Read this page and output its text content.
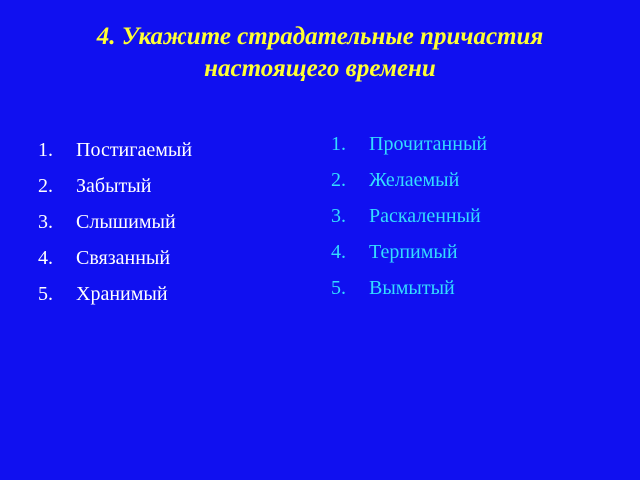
4. Укажите страдательные причастия
настоящего времени
1. Постигаемый
2. Забытый
3. Слышимый
4. Связанный
5. Хранимый
1. Прочитанный
2. Желаемый
3. Раскаленный
4. Терпимый
5. Вымытый
